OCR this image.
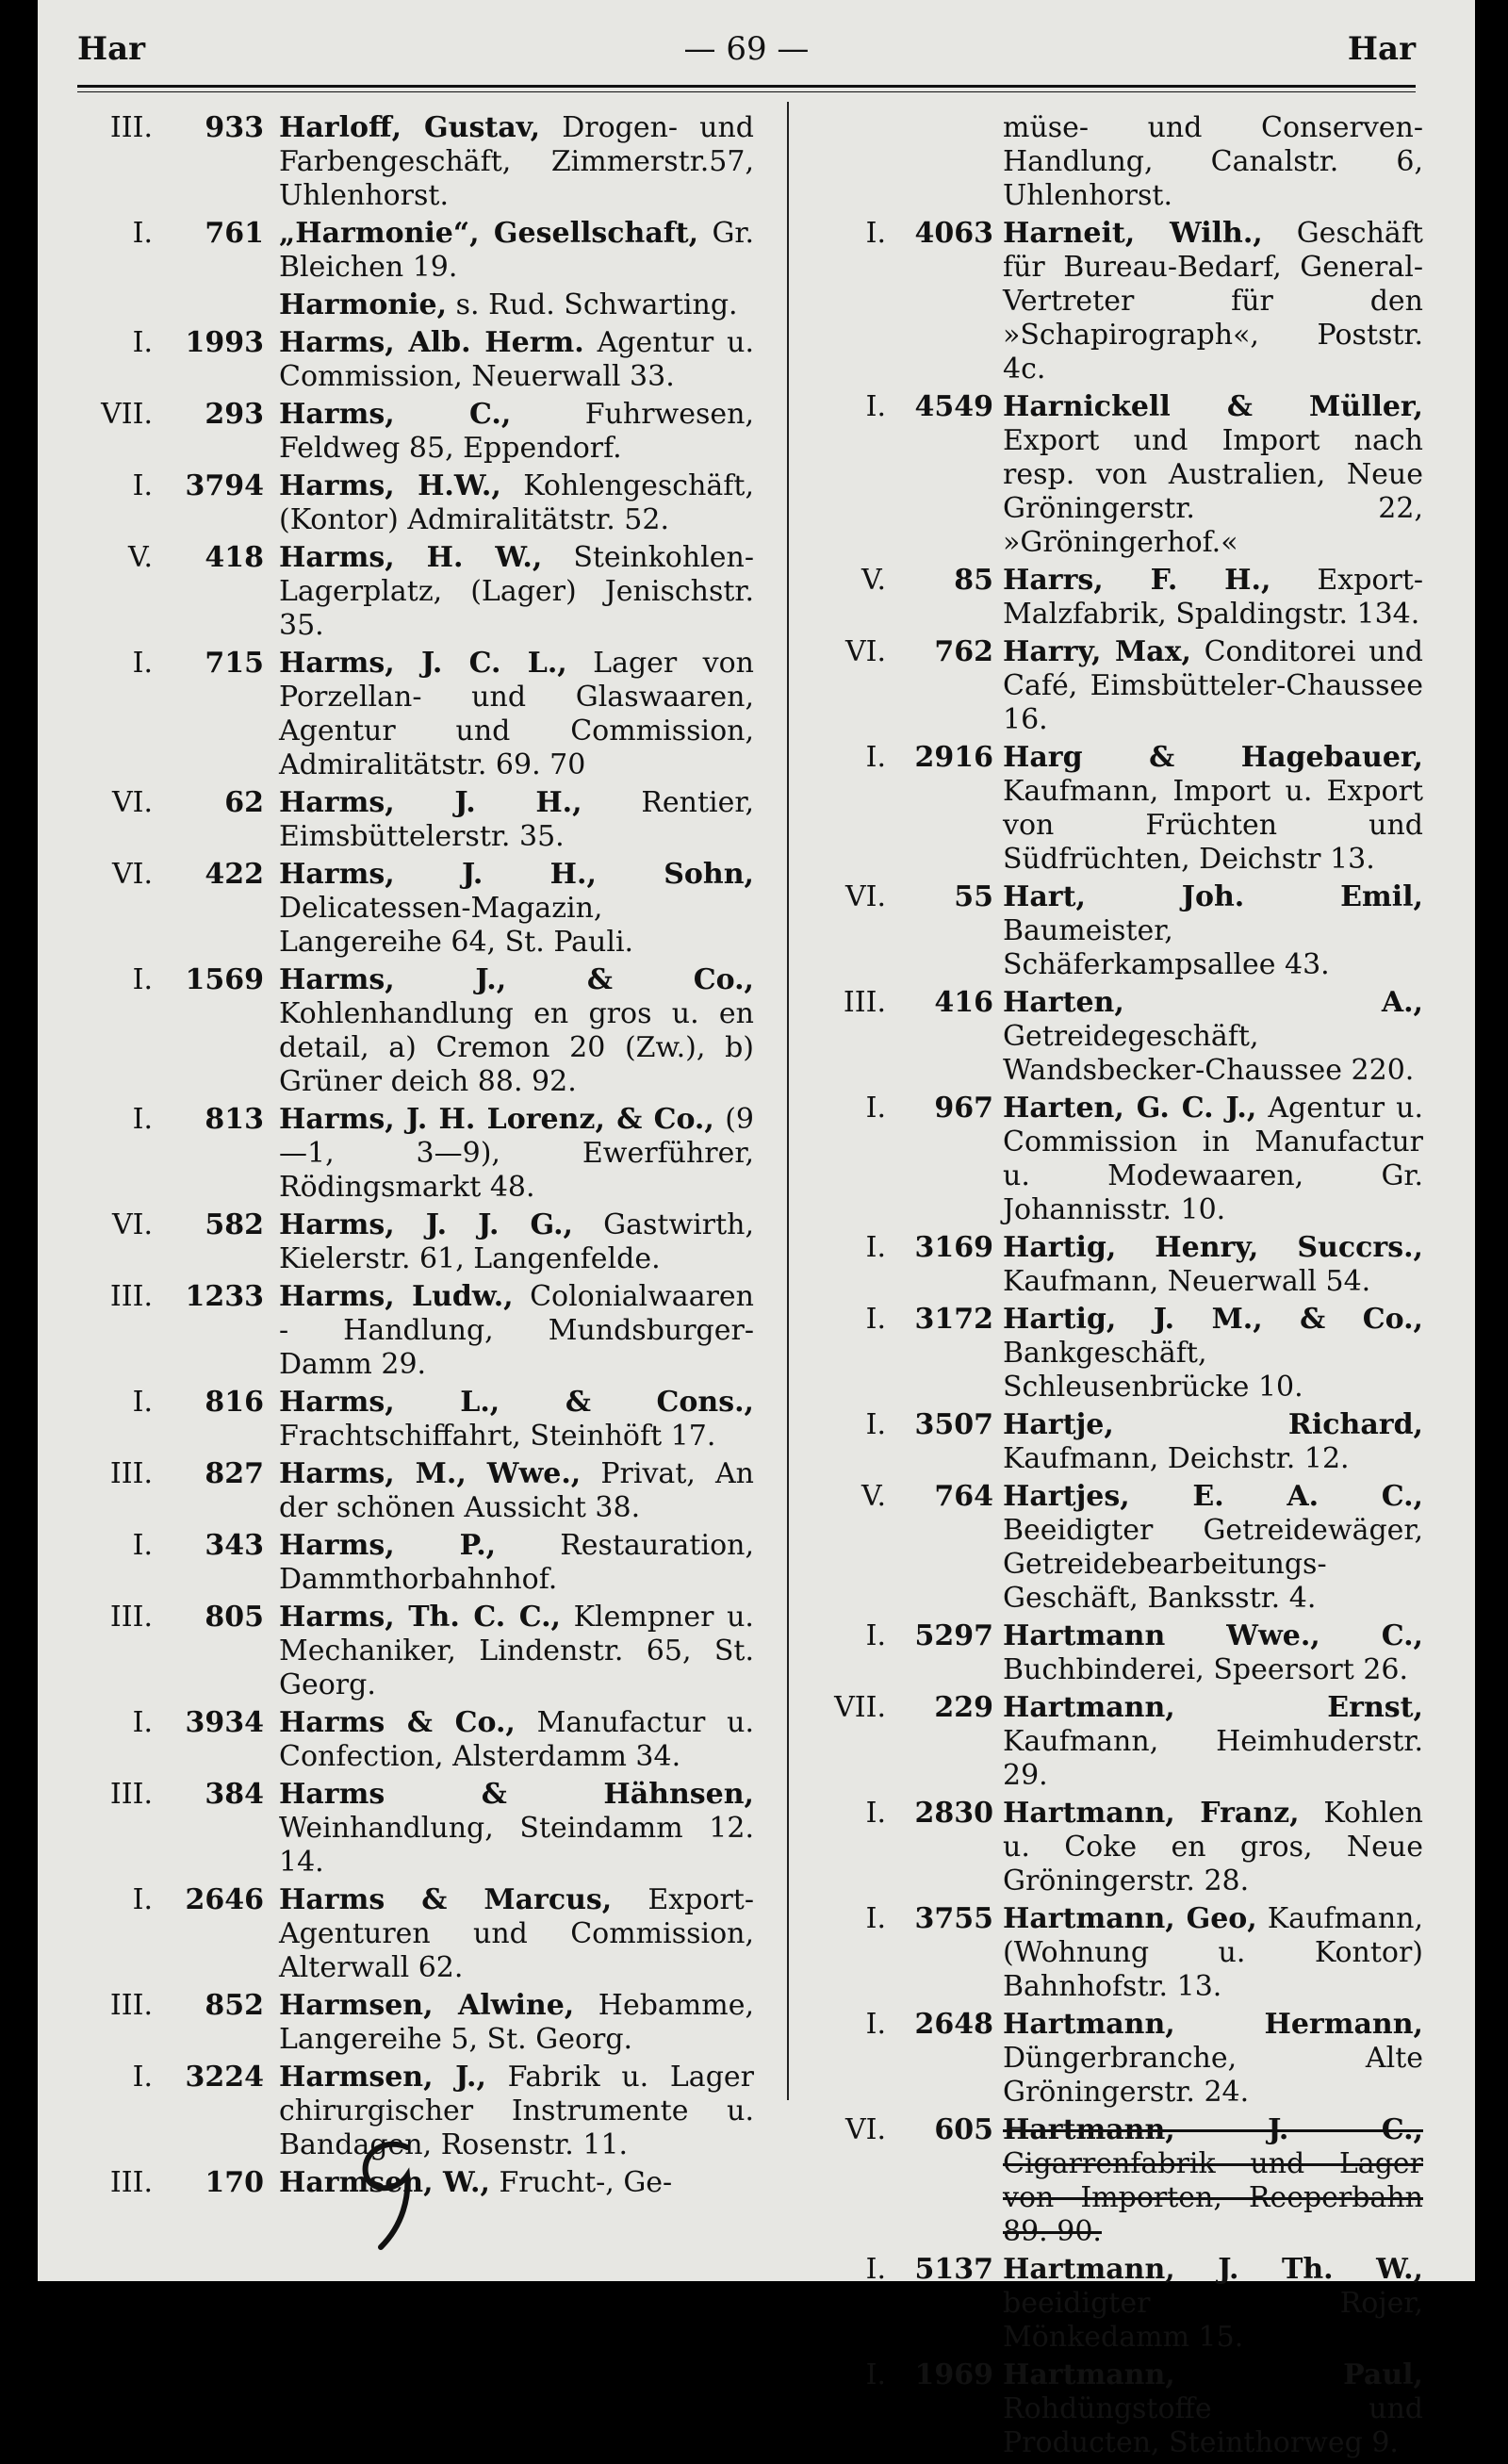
Har	— 69 —	Har
III.	933 Harloff, Gustav, Drogen- und Farbengeschäft, Zimmerstr.57, Uhlenhorst.
I.	761 „Harmonie“, Gesellschaft, Gr. Bleichen 19.
Harmonie, s. Rud. Schwarting.
I.	1993 Harms, Alb. Herm. Agentur u. Commission, Neuerwall 33.
VII.	293 Harms, C.,	Fuhrwesen, Feldweg 85, Eppendorf.
I.	3794 Harms, H.W., Kohlengeschäft, (Kontor) Admiralitätstr. 52.
V.	418 Harms, H. W., Steinkohlen-Lagerplatz, (Lager) Jenischstr. 35.
I.	715 Harms, J. C. L., Lager von Porzellan- und Glaswaaren, Agentur und Commission, Admiralitätstr. 69. 70
VI.	62 Harms, J. H., Rentier, Eimsbüttelerstr. 35.
VI.	422 Harms, J. H., Sohn, Delicatessen-Magazin, Langereihe 64, St. Pauli.
I.	1569 Harms, J., & Co., Kohlenhandlung en gros u. en detail, a) Cremon 20 (Zw.), b) Grüner deich 88. 92.
I.	813 Harms, J. H. Lorenz, & Co., (9—1, 3—9), Ewerführer, Rödingsmarkt 48.
VI.	582 Harms, J. J. G., Gastwirth, Kielerstr. 61, Langenfelde.
III.	1233 Harms, Ludw., Colonialwaaren - Handlung, Mundsburger-Damm 29.
I.	816 Harms, L., & Cons., Frachtschiffahrt, Steinhöft 17.
III.	827 Harms, M., Wwe., Privat, An der schönen Aussicht 38.
I.	343 Harms, P., Restauration, Dammthorbahnhof.
III.	805 Harms, Th. C. C., Klempner u. Mechaniker, Lindenstr. 65, St. Georg.
I.	3934 Harms & Co., Manufactur u. Confection, Alsterdamm 34.
III.	384 Harms & Hähnsen, Weinhandlung, Steindamm 12. 14.
I.	2646 Harms & Marcus, Export-Agenturen und Commission, Alterwall 62.
III.	852 Harmsen, Alwine, Hebamme, Langereihe 5, St. Georg.
I.	3224 Harmsen, J., Fabrik u. Lager chirurgischer Instrumente u. Bandagen, Rosenstr. 11.
III.	170 Harmsen, W., Frucht-, Ge-
müse- und Conserven-Handlung, Canalstr. 6, Uhlenhorst.
I.	4063 Harneit, Wilh., Geschäft für Bureau-Bedarf, General-Vertreter für den »Schapirograph«, Poststr. 4c.
I.	4549 Harnickell & Müller, Export und Import nach resp. von Australien, Neue Gröningerstr. 22, »Gröningerhof.«
V.	85 Harrs, F. H., Export-Malzfabrik, Spaldingstr. 134.
VI.	762 Harry, Max, Conditorei und Café, Eimsbütteler-Chaussee 16.
I.	2916 Harg & Hagebauer, Kaufmann, Import u. Export von Früchten und Südfrüchten, Deichstr 13.
VI.	55 Hart, Joh. Emil, Baumeister, Schäferkampsallee 43.
III.	416 Harten, A., Getreidegeschäft, Wandsbecker-Chaussee 220.
I.	967 Harten, G. C. J., Agentur u. Commission in Manufactur u. Modewaaren, Gr. Johannisstr. 10.
I.	3169 Hartig, Henry, Succrs., Kaufmann, Neuerwall 54.
I.	3172 Hartig, J. M., & Co., Bankgeschäft, Schleusenbrücke 10.
I.	3507 Hartje, Richard, Kaufmann, Deichstr. 12.
V.	764 Hartjes, E. A. C., Beeidigter Getreidewäger, Getreidebearbeitungs-Geschäft, Banksstr. 4.
I.	5297 Hartmann Wwe., C., Buchbinderei, Speersort 26.
VII.	229 Hartmann, Ernst, Kaufmann, Heimhuderstr. 29.
I.	2830 Hartmann, Franz, Kohlen u. Coke en gros, Neue Gröningerstr. 28.
I.	3755 Hartmann, Geo, Kaufmann, (Wohnung u. Kontor) Bahnhofstr. 13.
I.	2648 Hartmann, Hermann, Düngerbranche, Alte Gröningerstr. 24.
VI.	605 Hartmann, J. C., Cigarrenfabrik und Lager von Importen, Reeperbahn 89. 90.
I.	5137 Hartmann, J. Th. W., beeidigter Rojer, Mönkedamm 15.
I.	1969 Hartmann, Paul, Rohdüngstoffe und Producten, Steinthorweg 9.
